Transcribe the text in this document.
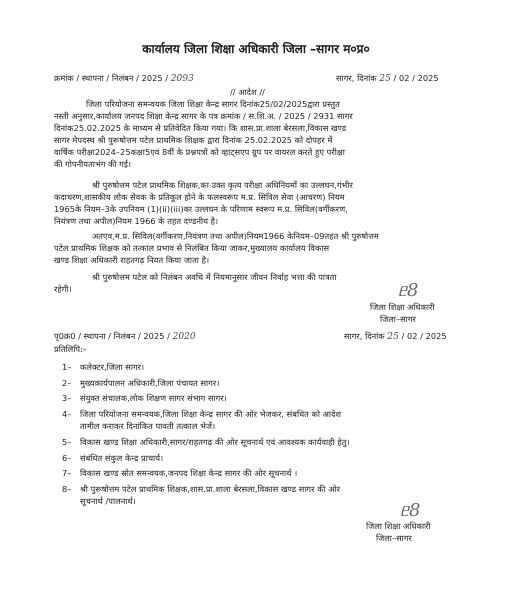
कार्यालय जिला शिक्षा अधिकारी जिला –सागर म०प्र०
क्रमांक / स्थापना / निलंबन / 2025 / 2093	सागर, दिनांक 25 / 02 / 2025
// आदेश //
जिला परियोजना समन्वयक जिला शिक्षा केन्द्र सागर दिनांक25/02/2025द्वारा प्रस्तुत
नस्ती अनुसार,कार्यालय जनपद शिक्षा केन्द्र सागर के पत्र क्रमांक / स.शि.अ. / 2025 / 2931 सागर
दिनांक25.02.2025 के माध्यम से प्रतिवेदित किया गया। कि शास.प्रा.शाला बेरसला,विकास खण्ड
सागर मेपदस्थ श्री पुरूषोत्तम पटेल प्राथमिक शिक्षक द्वारा दिनांक 25.02.2025 को दोपहर में
वार्षिक परीक्षा2024–25कक्षा5एवं 8वीं के प्रश्नपत्रों को व्हाट्सएप ग्रुप पर वायरल करते हुए परीक्षा
की गोपनीयताभंग की गई।
श्री पुरुषोत्तम पटेल प्राथमिक शिक्षक,का उक्त कृत्य परीक्षा अधिनियमों का उल्लघन,गंभीर
कदाचरण,शासकीय लोक सेवक के प्रतिकूल होने के फलस्वरूप म.प्र. सिविल सेवा (आचरण) नियम
1965के नियम–3के उपनियम (1)(ii)(iii)का उल्लघन के परिणाम स्वरूप म.प्र. सिविल(वर्गीकरण,
नियंत्रण तथा अपील)नियम 1966 के तहत दण्डनीय है।
अतएव,म.प्र. सिविल(वर्गीकरण,नियंत्रण तथा अपील)नियम1966 केनियम–09तहत श्री पुरुषोत्तम
पटेल प्राथमिक शिक्षक को तत्काल प्रभाव से निलंबित किया जाकर,मुख्यालय कार्यालय विकास
खण्ड शिक्षा अधिकारी राहतगढ़ नियत किया जाता है।
श्री पुरुषोत्तम पटेल को निलंबन अवधि में नियमानुसार जीवन निर्वाह भत्ता की पात्रता
रहेगी।	ᥱ8
जिला शिक्षा अधिकारी
जिला–सागर
पृ0क्र0 / स्थापना / निलंबन / 2025 / 2020	सागर, दिनांक 25 / 02 / 2025
प्रतिलिपि:–
1– कलेक्टर,जिला सागर।
2– मुख्यकार्यपालन अधिकारी,जिला पंचायत सागर।
3– संयुक्त संचालक,लोक शिक्षण सागर संभाग सागर।
4– जिला परियोजना समन्वयक,जिला शिक्षा केन्द्र सागर की ओर भेजकर, संबधित को आदेश
तामील कराकर दिनांकित पावती तत्काल भेजें।
5– विकास खण्ड शिक्षा अधिकारी,सागर/राहतगढ़ की ओर सूचनार्थ एवं आवश्यक कार्यवाही हेतु।
6– संबंधित संकुल केन्द्र प्राचार्य।
7– विकास खण्ड स्रोत समन्वयक,जनपद शिक्षा केन्द्र सागर की ओर सूचनार्थ ।
8– श्री पुरूषोत्तम पटेल प्राथमिक शिक्षक,शास.प्रा.शाला बेरसला,विकास खण्ड सागर की ओर
सूचनार्थ /पालनार्थ।	ᥱ8
जिला शिक्षा अधिकारी
जिला–सागर
